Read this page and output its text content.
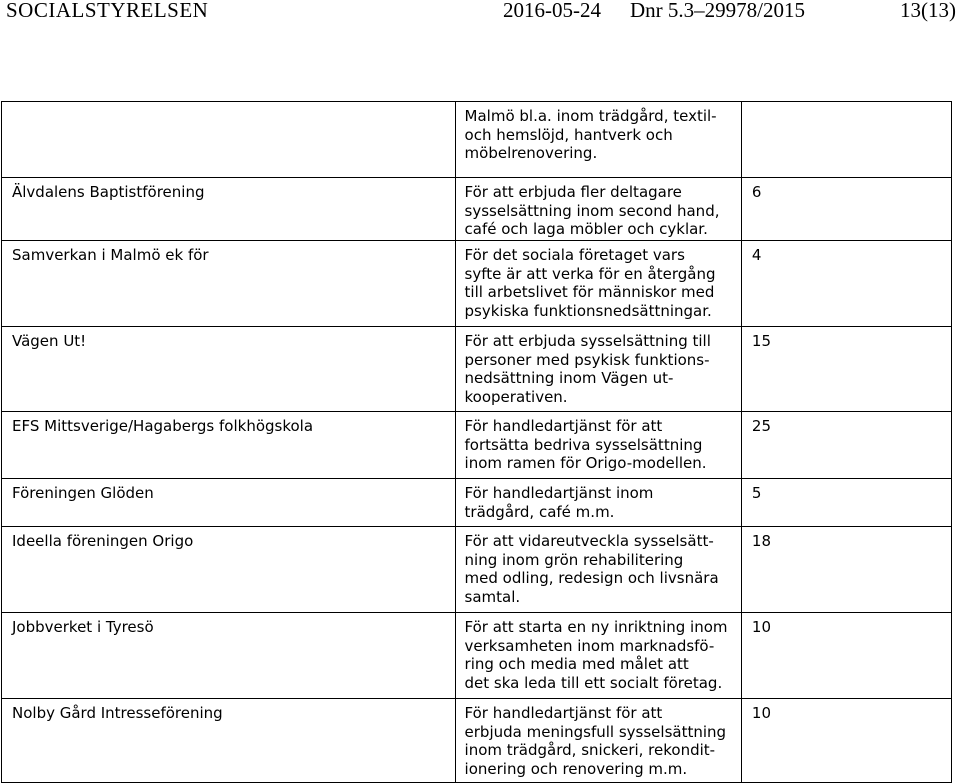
SOCIALSTYRELSEN	2016-05-24 Dnr 5.3–29978/2015	13(13)

	Malmö bl.a. inom trädgård, textil-
och hemslöjd, hantverk och
möbelrenovering.	

Älvdalens Baptistförening	För att erbjuda fler deltagare
sysselsättning inom second hand,
café och laga möbler och cyklar.	6

Samverkan i Malmö ek för	För det sociala företaget vars
syfte är att verka för en återgång
till arbetslivet för människor med
psykiska funktionsnedsättningar.	4

Vägen Ut!	För att erbjuda sysselsättning till
personer med psykisk funktions-
nedsättning inom Vägen ut-
kooperativen.	15

EFS Mittsverige/Hagabergs folkhögskola	För handledartjänst för att
fortsätta bedriva sysselsättning
inom ramen för Origo-modellen.	25

Föreningen Glöden	För handledartjänst inom
trädgård, café m.m.	5

Ideella föreningen Origo	För att vidareutveckla sysselsätt-
ning inom grön rehabilitering
med odling, redesign och livsnära
samtal.	18

Jobbverket i Tyresö	För att starta en ny inriktning inom
verksamheten inom marknadsfö-
ring och media med målet att
det ska leda till ett socialt företag.	10

Nolby Gård Intresseförening	För handledartjänst för att
erbjuda meningsfull sysselsättning
inom trädgård, snickeri, rekondit-
ionering och renovering m.m.	10
